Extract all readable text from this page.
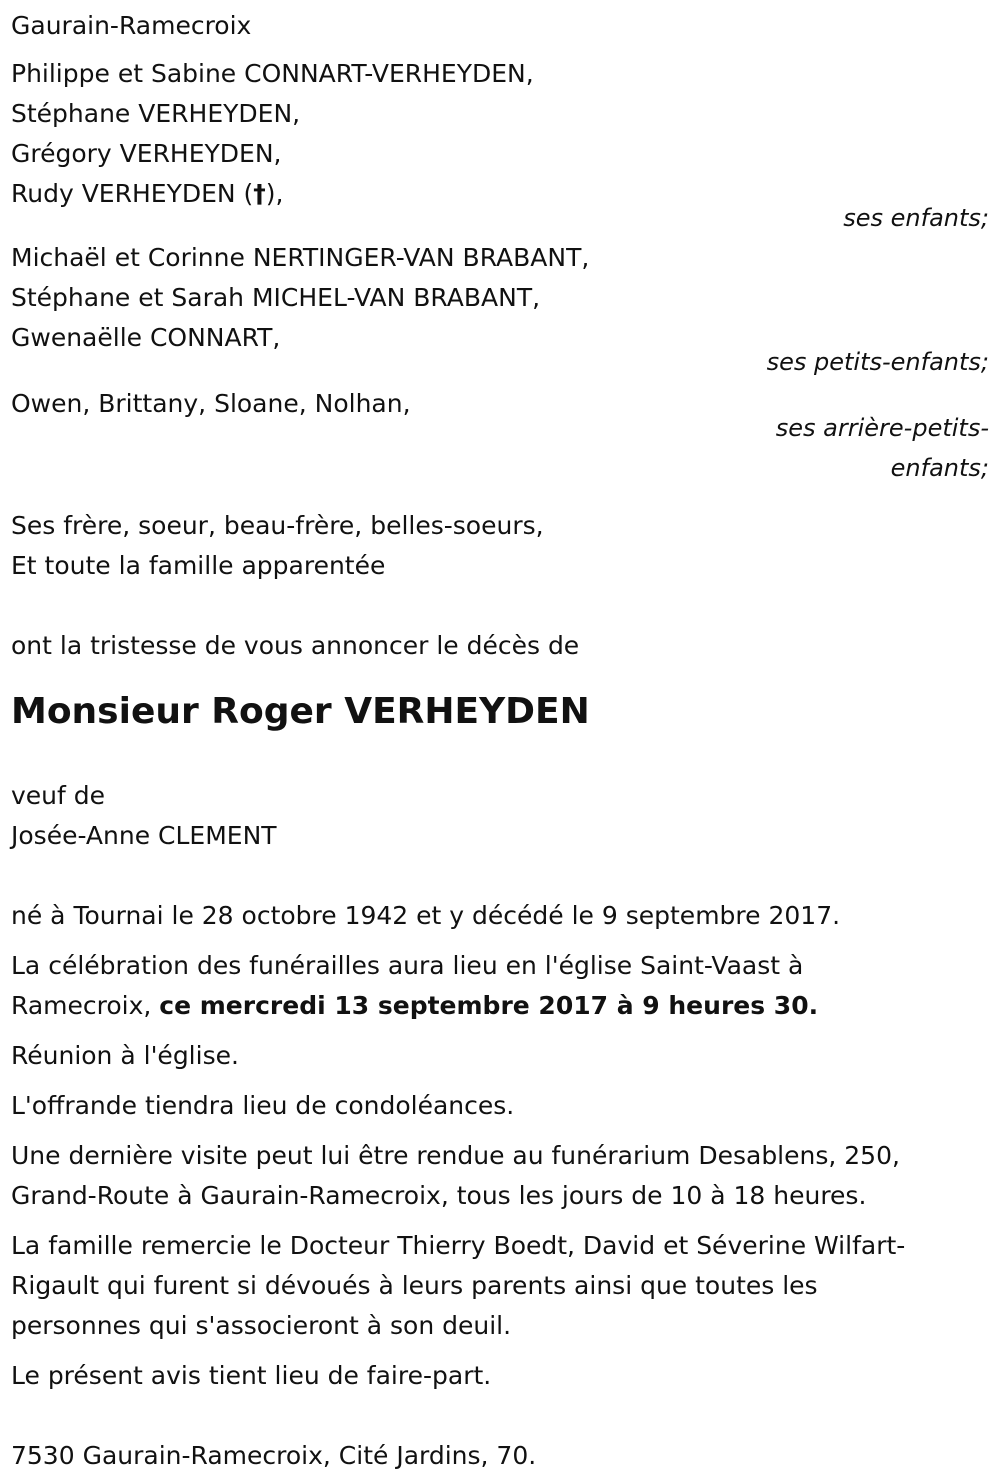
Gaurain-Ramecroix
Philippe et Sabine CONNART-VERHEYDEN,
Stéphane VERHEYDEN,
Grégory VERHEYDEN,
Rudy VERHEYDEN (†),
ses enfants;
Michaël et Corinne NERTINGER-VAN BRABANT,
Stéphane et Sarah MICHEL-VAN BRABANT,
Gwenaëlle CONNART,
ses petits-enfants;
Owen, Brittany, Sloane, Nolhan,
ses arrière-petits-
enfants;
Ses frère, soeur, beau-frère, belles-soeurs,
Et toute la famille apparentée
ont la tristesse de vous annoncer le décès de
Monsieur Roger VERHEYDEN
veuf de
Josée-Anne CLEMENT

né à Tournai le 28 octobre 1942 et y décédé le 9 septembre 2017.

La célébration des funérailles aura lieu en l'église Saint-Vaast à
Ramecroix, ce mercredi 13 septembre 2017 à 9 heures 30.

Réunion à l'église.

L'offrande tiendra lieu de condoléances.

Une dernière visite peut lui être rendue au funérarium Desablens, 250,
Grand-Route à Gaurain-Ramecroix, tous les jours de 10 à 18 heures.

La famille remercie le Docteur Thierry Boedt, David et Séverine Wilfart-
Rigault qui furent si dévoués à leurs parents ainsi que toutes les
personnes qui s'associeront à son deuil.

Le présent avis tient lieu de faire-part.

7530 Gaurain-Ramecroix, Cité Jardins, 70.
